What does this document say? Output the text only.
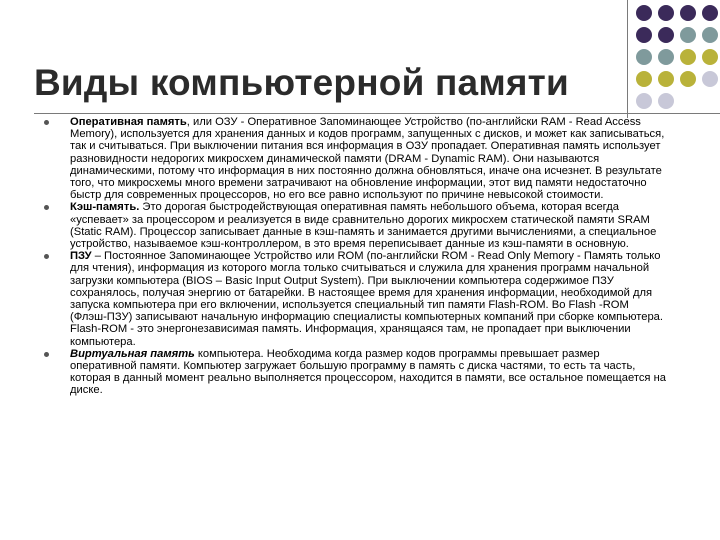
Виды компьютерной памяти
Оперативная память, или ОЗУ - Оперативное Запоминающее Устройство (по-английски RAM - Read Access Memory), используется для хранения данных и кодов программ, запущенных с дисков, и может как записываться, так и считываться. При выключении питания вся информация в ОЗУ пропадает. Оперативная память использует разновидности недорогих микросхем динамической памяти (DRAM - Dynamic RAM). Они называются динамическими, потому что информация в них постоянно должна обновляться, иначе она исчезнет. В результате того, что микросхемы много времени затрачивают на обновление информации, этот вид памяти недостаточно быстр для современных процессоров, но его все равно используют по причине невысокой стоимости.
Кэш-память. Это дорогая быстродействующая оперативная память небольшого объема, которая всегда «успевает» за процессором и реализуется в виде сравнительно дорогих микросхем статической памяти SRAM (Static RAM). Процессор записывает данные в кэш-память и занимается другими вычислениями, а специальное устройство, называемое кэш-контроллером, в это время переписывает данные из кэш-памяти в основную.
ПЗУ – Постоянное Запоминающее Устройство или ROM (по-английски ROM - Read Only Memory - Память только для чтения), информация из которого могла только считываться и служила для хранения программ начальной загрузки компьютера (BIOS – Basic Input Output System). При выключении компьютера содержимое ПЗУ сохранялось, получая энергию от батарейки. В настоящее время для хранения информации, необходимой для запуска компьютера при его включении, используется специальный тип памяти Flash-ROM. Во Flash -ROM (Флэш-ПЗУ) записывают начальную информацию специалисты компьютерных компаний при сборке компьютера. Flash-ROM - это энергонезависимая память. Информация, хранящаяся там, не пропадает при выключении компьютера.
Виртуальная память компьютера. Необходима когда размер кодов программы превышает размер оперативной памяти. Компьютер загружает большую программу в память с диска частями, то есть та часть, которая в данный момент реально выполняется процессором, находится в памяти, все остальное помещается на диске.
